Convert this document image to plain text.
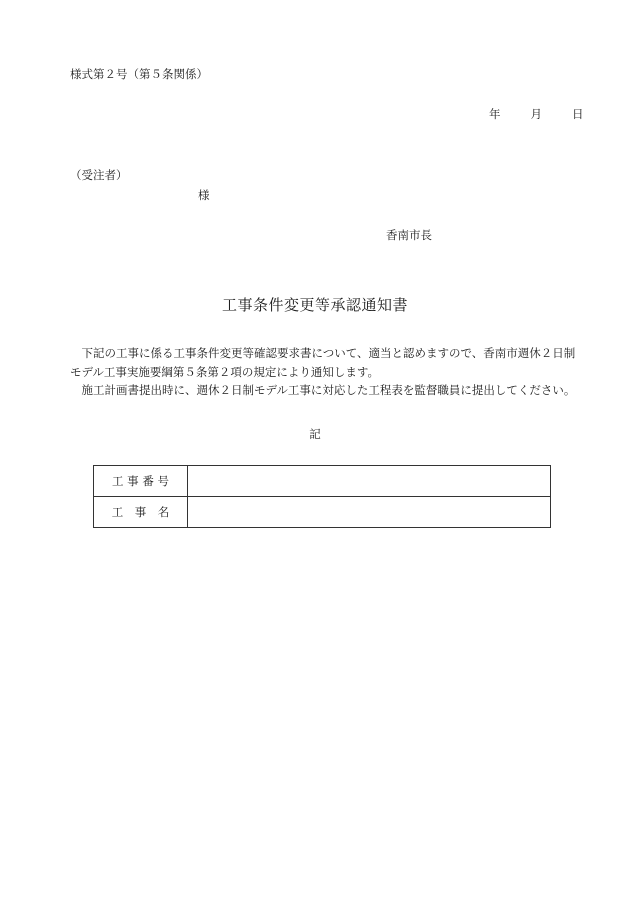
様式第２号（第５条関係）
年	月	日
（受注者）
様
香南市長
工事条件変更等承認通知書

下記の工事に係る工事条件変更等確認要求書について、適当と認めますので、香南市週休２日制モデル工事実施要綱第５条第２項の規定により通知します。

施工計画書提出時に、週休２日制モデル工事に対応した工程表を監督職員に提出してください。

記
工 事 番 号	
工　事　名	
